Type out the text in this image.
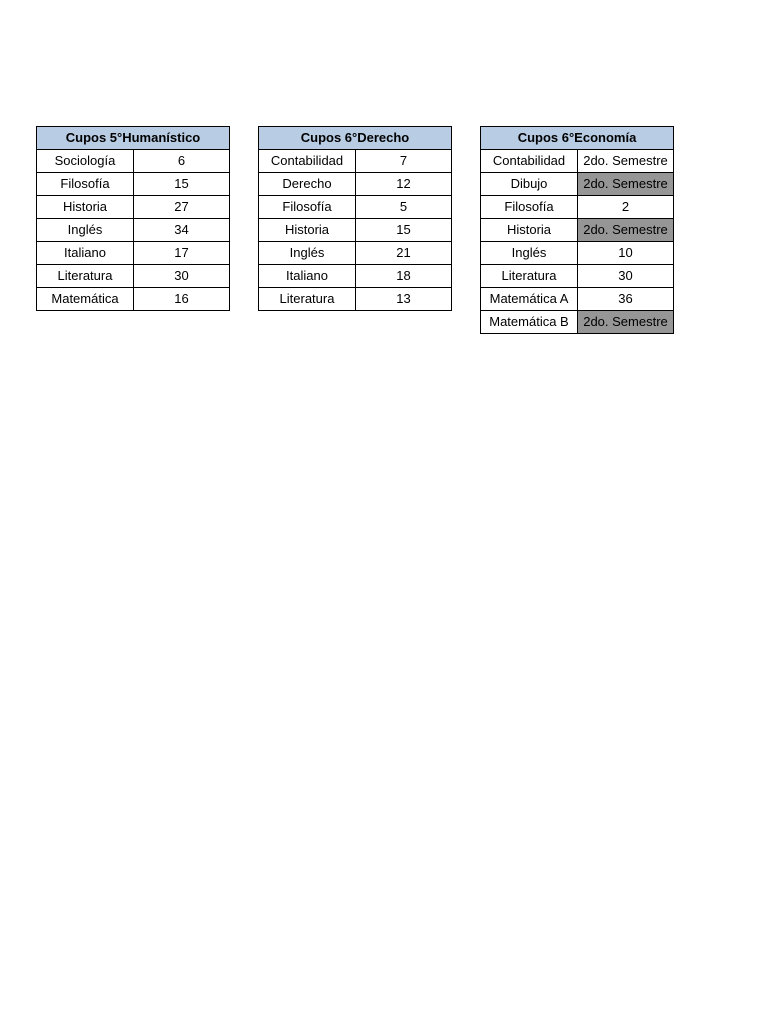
Cupos 5°Humanístico	
Sociología	6
Filosofía	15
Historia	27
Inglés	34
Italiano	17
Literatura	30
Matemática	16
Cupos 6°Derecho	
Contabilidad	7
Derecho	12
Filosofía	5
Historia	15
Inglés	21
Italiano	18
Literatura	13
Cupos 6°Economía	
Contabilidad	2do. Semestre
Dibujo	2do. Semestre
Filosofía	2
Historia	2do. Semestre
Inglés	10
Literatura	30
Matemática A	36
Matemática B	2do. Semestre
